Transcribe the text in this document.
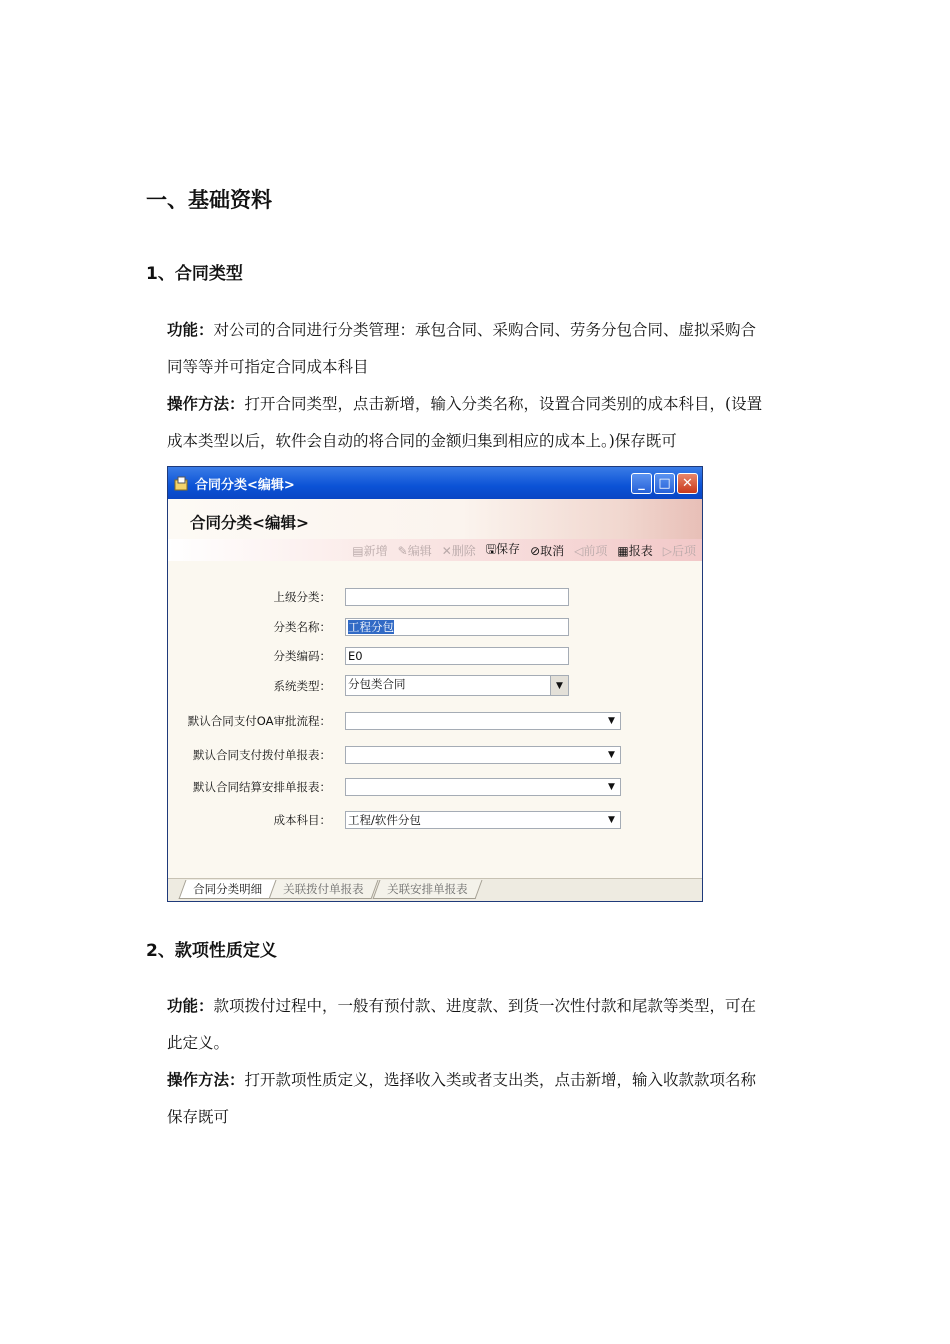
一、基础资料
1、合同类型
功能：对公司的合同进行分类管理：承包合同、采购合同、劳务分包合同、虚拟采购合
同等等并可指定合同成本科目
操作方法：打开合同类型，点击新增，输入分类名称，设置合同类别的成本科目，(设置
成本类型以后，软件会自动的将合同的金额归集到相应的成本上。)保存既可
合同分类<编辑>	_	□ ✕
合同分类<编辑>
▤新增 ✎编辑 ✕删除 🖫保存 ⊘取消 ◁前项 ▦报表 ▷后项
上级分类：
分类名称： 工程分包
分类编码： E0
系统类型： 分包类合同	▼
默认合同支付OA审批流程：	▼
默认合同支付拨付单报表：	▼
默认合同结算安排单报表：	▼
成本科目： 工程/软件分包	▼
合同分类明细	关联拨付单报表	关联安排单报表
2、款项性质定义
功能：款项拨付过程中，一般有预付款、进度款、到货一次性付款和尾款等类型，可在
此定义。
操作方法：打开款项性质定义，选择收入类或者支出类，点击新增，输入收款款项名称
保存既可
